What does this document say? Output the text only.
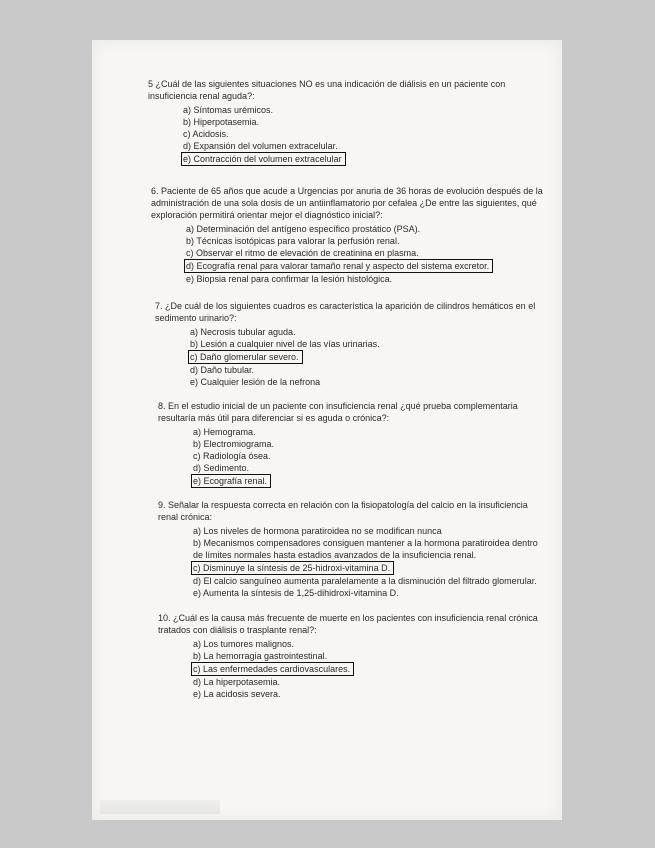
5 ¿Cuál de las siguientes situaciones NO es una indicación de diálisis en un paciente con insuficiencia renal aguda?:
a) Síntomas urémicos.
b) Hiperpotasemia.
c) Acidosis.
d) Expansión del volumen extracelular.
e) Contracción del volumen extracelular
6. Paciente de 65 años que acude a Urgencias por anuria de 36 horas de evolución después de la administración de una sola dosis de un antiinflamatorio por cefalea ¿De entre las siguientes, qué exploración permitirá orientar mejor el diagnóstico inicial?:
a) Determinación del antígeno específico prostático (PSA).
b) Técnicas isotópicas para valorar la perfusión renal.
c) Observar el ritmo de elevación de creatinina en plasma.
d) Ecografía renal para valorar tamaño renal y aspecto del sistema excretor.
e) Biopsia renal para confirmar la lesión histológica.
7. ¿De cuál de los siguientes cuadros es característica la aparición de cilindros hemáticos en el sedimento urinario?:
a) Necrosis tubular aguda.
b) Lesión a cualquier nivel de las vías urinarias.
c) Daño glomerular severo.
d) Daño tubular.
e) Cualquier lesión de la nefrona
8. En el estudio inicial de un paciente con insuficiencia renal ¿qué prueba complementaria resultaría más útil para diferenciar si es aguda o crónica?:
a) Hemograma.
b) Electromiograma.
c) Radiología ósea.
d) Sedimento.
e) Ecografía renal.
9. Señalar la respuesta correcta en relación con la fisiopatología del calcio en la insuficiencia renal crónica:
a) Los niveles de hormona paratiroidea no se modifican nunca
b) Mecanismos compensadores consiguen mantener a la hormona paratiroidea dentro de límites normales hasta estadios avanzados de la insuficiencia renal.
c) Disminuye la síntesis de 25-hidroxi-vitamina D.
d) El calcio sanguíneo aumenta paralelamente a la disminución del filtrado glomerular.
e) Aumenta la síntesis de 1,25-dihidroxi-vitamina D.
10. ¿Cuál es la causa más frecuente de muerte en los pacientes con insuficiencia renal crónica tratados con diálisis o trasplante renal?:
a) Los tumores malignos.
b) La hemorragia gastrointestinal.
c) Las enfermedades cardiovasculares.
d) La hiperpotasemia.
e) La acidosis severa.
